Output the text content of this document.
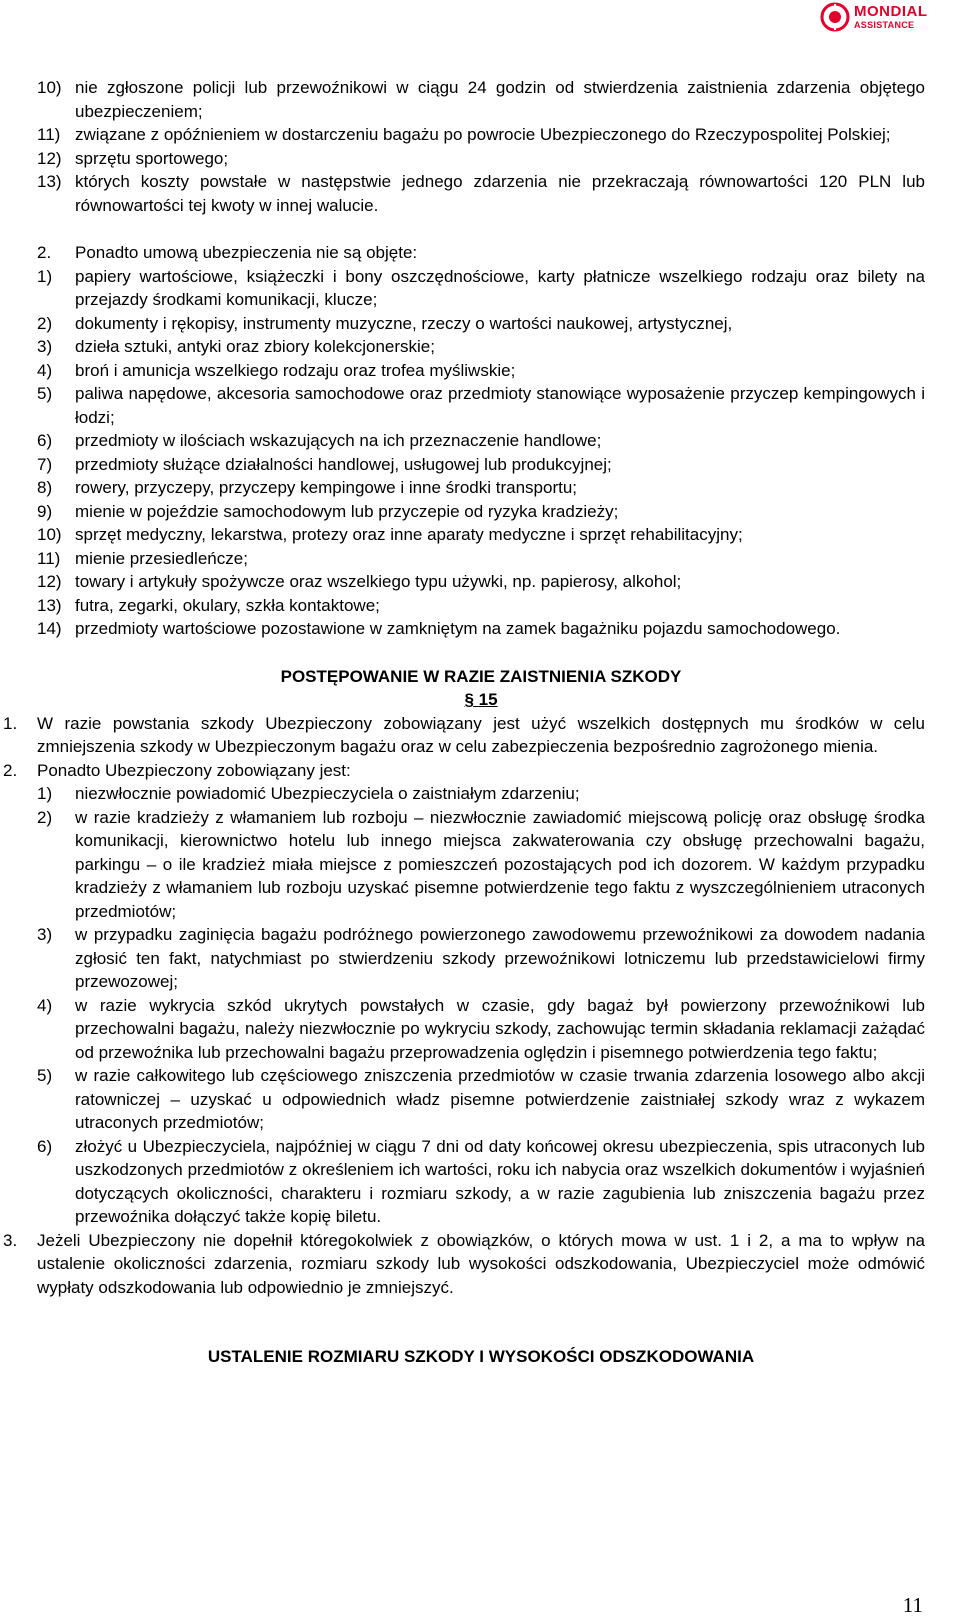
MONDIAL
ASSISTANCE
10) nie zgłoszone policji lub przewoźnikowi w ciągu 24 godzin od stwierdzenia zaistnienia zdarzenia objętego ubezpieczeniem;
11) związane z opóźnieniem w dostarczeniu bagażu po powrocie Ubezpieczonego do Rzeczypospolitej Polskiej;
12) sprzętu sportowego;
13) których koszty powstałe w następstwie jednego zdarzenia nie przekraczają równowartości 120 PLN lub równowartości tej kwoty w innej walucie.
2.	Ponadto umową ubezpieczenia nie są objęte:
1)	papiery wartościowe, książeczki i bony oszczędnościowe, karty płatnicze wszelkiego rodzaju oraz bilety na przejazdy środkami komunikacji, klucze;
2)	dokumenty i rękopisy, instrumenty muzyczne, rzeczy o wartości naukowej, artystycznej,
3)	dzieła sztuki, antyki oraz zbiory kolekcjonerskie;
4)	broń i amunicja wszelkiego rodzaju oraz trofea myśliwskie;
5)	paliwa napędowe, akcesoria samochodowe oraz przedmioty stanowiące wyposażenie przyczep kempingowych i łodzi;
6)	przedmioty w ilościach wskazujących na ich przeznaczenie handlowe;
7)	przedmioty służące działalności handlowej, usługowej lub produkcyjnej;
8)	rowery, przyczepy, przyczepy kempingowe i inne środki transportu;
9)	mienie w pojeździe samochodowym lub przyczepie od ryzyka kradzieży;
10) sprzęt medyczny, lekarstwa, protezy oraz inne aparaty medyczne i sprzęt rehabilitacyjny;
11) mienie przesiedleńcze;
12) towary i artykuły spożywcze oraz wszelkiego typu używki, np. papierosy, alkohol;
13) futra, zegarki, okulary, szkła kontaktowe;
14) przedmioty wartościowe pozostawione w zamkniętym na zamek bagażniku pojazdu samochodowego.
POSTĘPOWANIE W RAZIE ZAISTNIENIA SZKODY
§ 15
1.	W razie powstania szkody Ubezpieczony zobowiązany jest użyć wszelkich dostępnych mu środków w celu zmniejszenia szkody w Ubezpieczonym bagażu oraz w celu zabezpieczenia bezpośrednio zagrożonego mienia.
2.	Ponadto Ubezpieczony zobowiązany jest:
1)	niezwłocznie powiadomić Ubezpieczyciela o zaistniałym zdarzeniu;
2)	w razie kradzieży z włamaniem lub rozboju – niezwłocznie zawiadomić miejscową policję oraz obsługę środka komunikacji, kierownictwo hotelu lub innego miejsca zakwaterowania czy obsługę przechowalni bagażu, parkingu – o ile kradzież miała miejsce z pomieszczeń pozostających pod ich dozorem. W każdym przypadku kradzieży z włamaniem lub rozboju uzyskać pisemne potwierdzenie tego faktu z wyszczególnieniem utraconych przedmiotów;
3)	w przypadku zaginięcia bagażu podróżnego powierzonego zawodowemu przewoźnikowi za dowodem nadania zgłosić ten fakt, natychmiast po stwierdzeniu szkody przewoźnikowi lotniczemu lub przedstawicielowi firmy przewozowej;
4)	w razie wykrycia szkód ukrytych powstałych w czasie, gdy bagaż był powierzony przewoźnikowi lub przechowalni bagażu, należy niezwłocznie po wykryciu szkody, zachowując termin składania reklamacji zażądać od przewoźnika lub przechowalni bagażu przeprowadzenia oględzin i pisemnego potwierdzenia tego faktu;
5)	w razie całkowitego lub częściowego zniszczenia przedmiotów w czasie trwania zdarzenia losowego albo akcji ratowniczej – uzyskać u odpowiednich władz pisemne potwierdzenie zaistniałej szkody wraz z wykazem utraconych przedmiotów;
6)	złożyć u Ubezpieczyciela, najpóźniej w ciągu 7 dni od daty końcowej okresu ubezpieczenia, spis utraconych lub uszkodzonych przedmiotów z określeniem ich wartości, roku ich nabycia oraz wszelkich dokumentów i wyjaśnień dotyczących okoliczności, charakteru i rozmiaru szkody, a w razie zagubienia lub zniszczenia bagażu przez przewoźnika dołączyć także kopię biletu.
3.	Jeżeli Ubezpieczony nie dopełnił któregokolwiek z obowiązków, o których mowa w ust. 1 i 2, a ma to wpływ na ustalenie okoliczności zdarzenia, rozmiaru szkody lub wysokości odszkodowania, Ubezpieczyciel może odmówić wypłaty odszkodowania lub odpowiednio je zmniejszyć.
USTALENIE ROZMIARU SZKODY I WYSOKOŚCI ODSZKODOWANIA
11
